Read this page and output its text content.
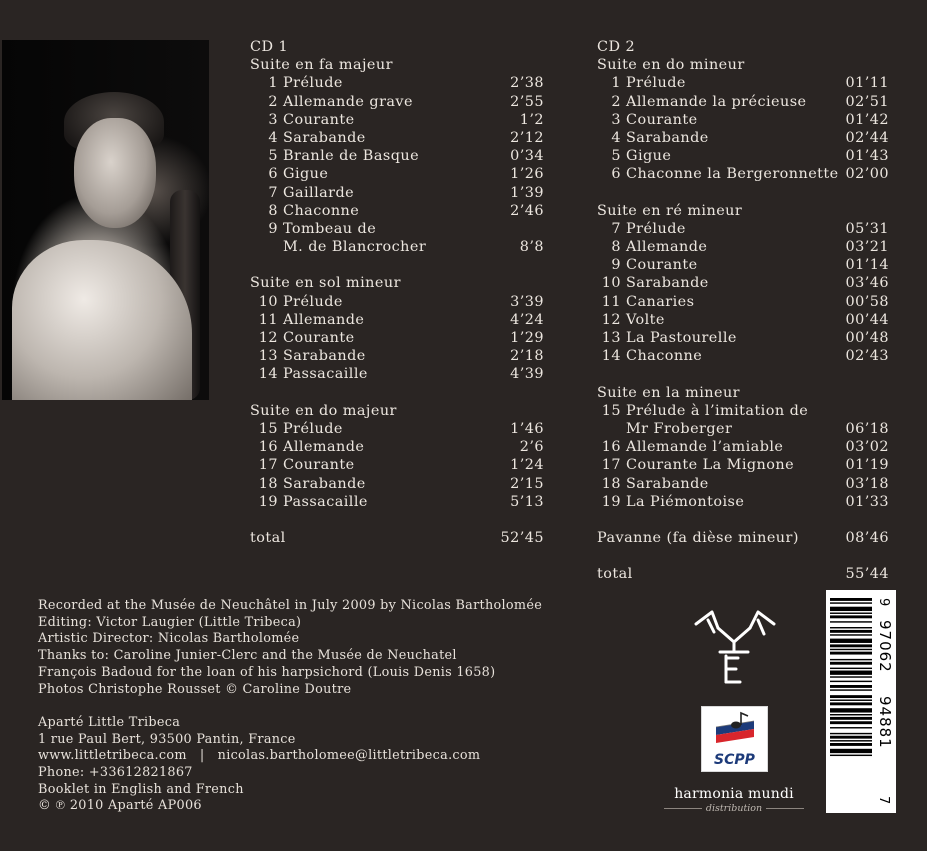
CD 1
Suite en fa majeur
1 Prélude	2’38
2 Allemande grave	2’55
3 Courante	1’2
4 Sarabande	2’12
5 Branle de Basque	0’34
6 Gigue	1’26
7 Gaillarde	1’39
8 Chaconne	2’46
9 Tombeau de
M. de Blancrocher	8’8
Suite en sol mineur
10 Prélude	3’39
11 Allemande	4’24
12 Courante	1’29
13 Sarabande	2’18
14 Passacaille	4’39
Suite en do majeur
15 Prélude	1’46
16 Allemande	2’6
17 Courante	1’24
18 Sarabande	2’15
19 Passacaille	5’13
total	52’45
CD 2
Suite en do mineur
1 Prélude	01’11
2 Allemande la précieuse	02’51
3 Courante	01’42
4 Sarabande	02’44
5 Gigue	01’43
6 Chaconne la Bergeronnette 02’00
Suite en ré mineur
7 Prélude	05’31
8 Allemande	03’21
9 Courante	01’14
10 Sarabande	03’46
11 Canaries	00’58
12 Volte	00’44
13 La Pastourelle	00’48
14 Chaconne	02’43
Suite en la mineur
15 Prélude à l’imitation de
Mr Froberger	06’18
16 Allemande l’amiable	03’02
17 Courante La Mignone	01’19
18 Sarabande	03’18
19 La Piémontoise	01’33
Pavanne (fa dièse mineur)	08’46
total	55’44
Recorded at the Musée de Neuchâtel in July 2009 by Nicolas Bartholomée
Editing: Victor Laugier (Little Tribeca)
Artistic Director: Nicolas Bartholomée
Thanks to: Caroline Junier-Clerc and the Musée de Neuchatel
François Badoud for the loan of his harpsichord (Louis Denis 1658)
Photos Christophe Rousset © Caroline Doutre
Aparté Little Tribeca
1 rue Paul Bert, 93500 Pantin, France
www.littletribeca.com   |   nicolas.bartholomee@littletribeca.com
Phone: +33612821867
Booklet in English and French
© ℗ 2010 Aparté AP006
SCPP
harmonia mundi
distribution
9
97062
94881
7
